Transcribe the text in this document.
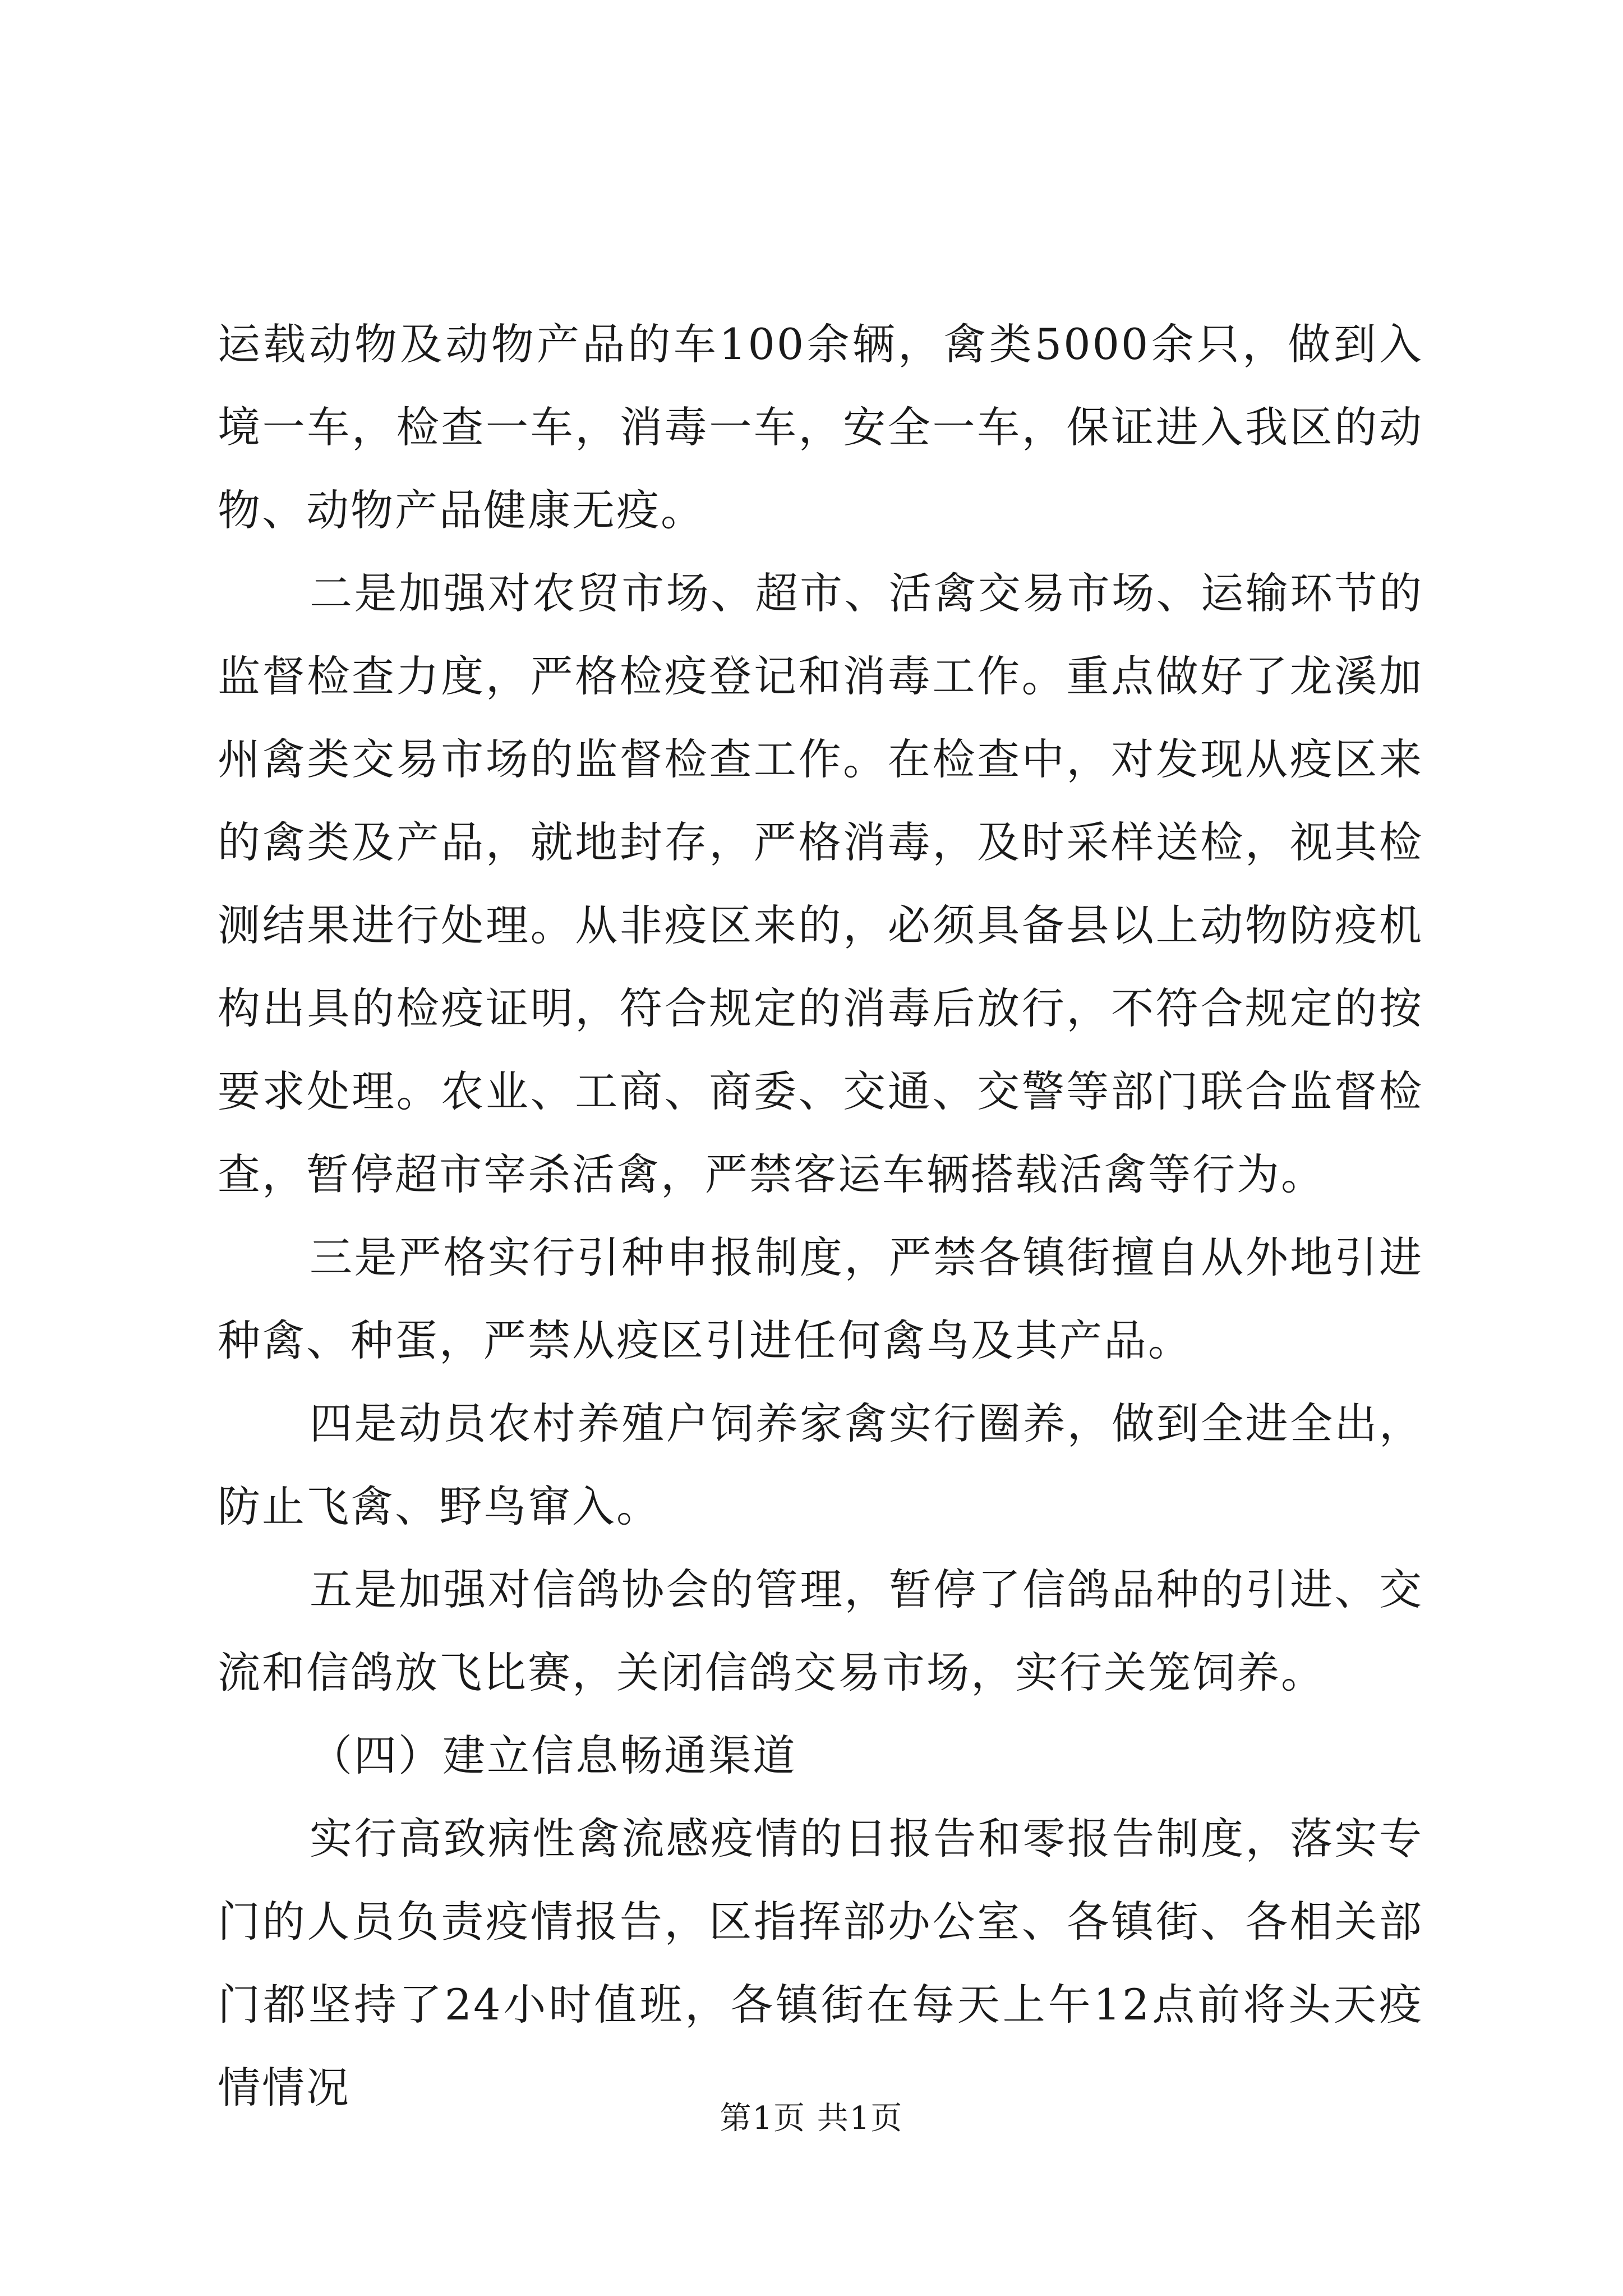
运载动物及动物产品的车100余辆，禽类5000余只，做到入境一车，检查一车，消毒一车，安全一车，保证进入我区的动物、动物产品健康无疫。

二是加强对农贸市场、超市、活禽交易市场、运输环节的监督检查力度，严格检疫登记和消毒工作。重点做好了龙溪加州禽类交易市场的监督检查工作。在检查中，对发现从疫区来的禽类及产品，就地封存，严格消毒，及时采样送检，视其检测结果进行处理。从非疫区来的，必须具备县以上动物防疫机构出具的检疫证明，符合规定的消毒后放行，不符合规定的按要求处理。农业、工商、商委、交通、交警等部门联合监督检查，暂停超市宰杀活禽，严禁客运车辆搭载活禽等行为。

三是严格实行引种申报制度，严禁各镇街擅自从外地引进种禽、种蛋，严禁从疫区引进任何禽鸟及其产品。

四是动员农村养殖户饲养家禽实行圈养，做到全进全出，防止飞禽、野鸟窜入。

五是加强对信鸽协会的管理，暂停了信鸽品种的引进、交流和信鸽放飞比赛，关闭信鸽交易市场，实行关笼饲养。

（四）建立信息畅通渠道

实行高致病性禽流感疫情的日报告和零报告制度，落实专门的人员负责疫情报告，区指挥部办公室、各镇街、各相关部门都坚持了24小时值班，各镇街在每天上午12点前将头天疫情情况

第1页 共1页
